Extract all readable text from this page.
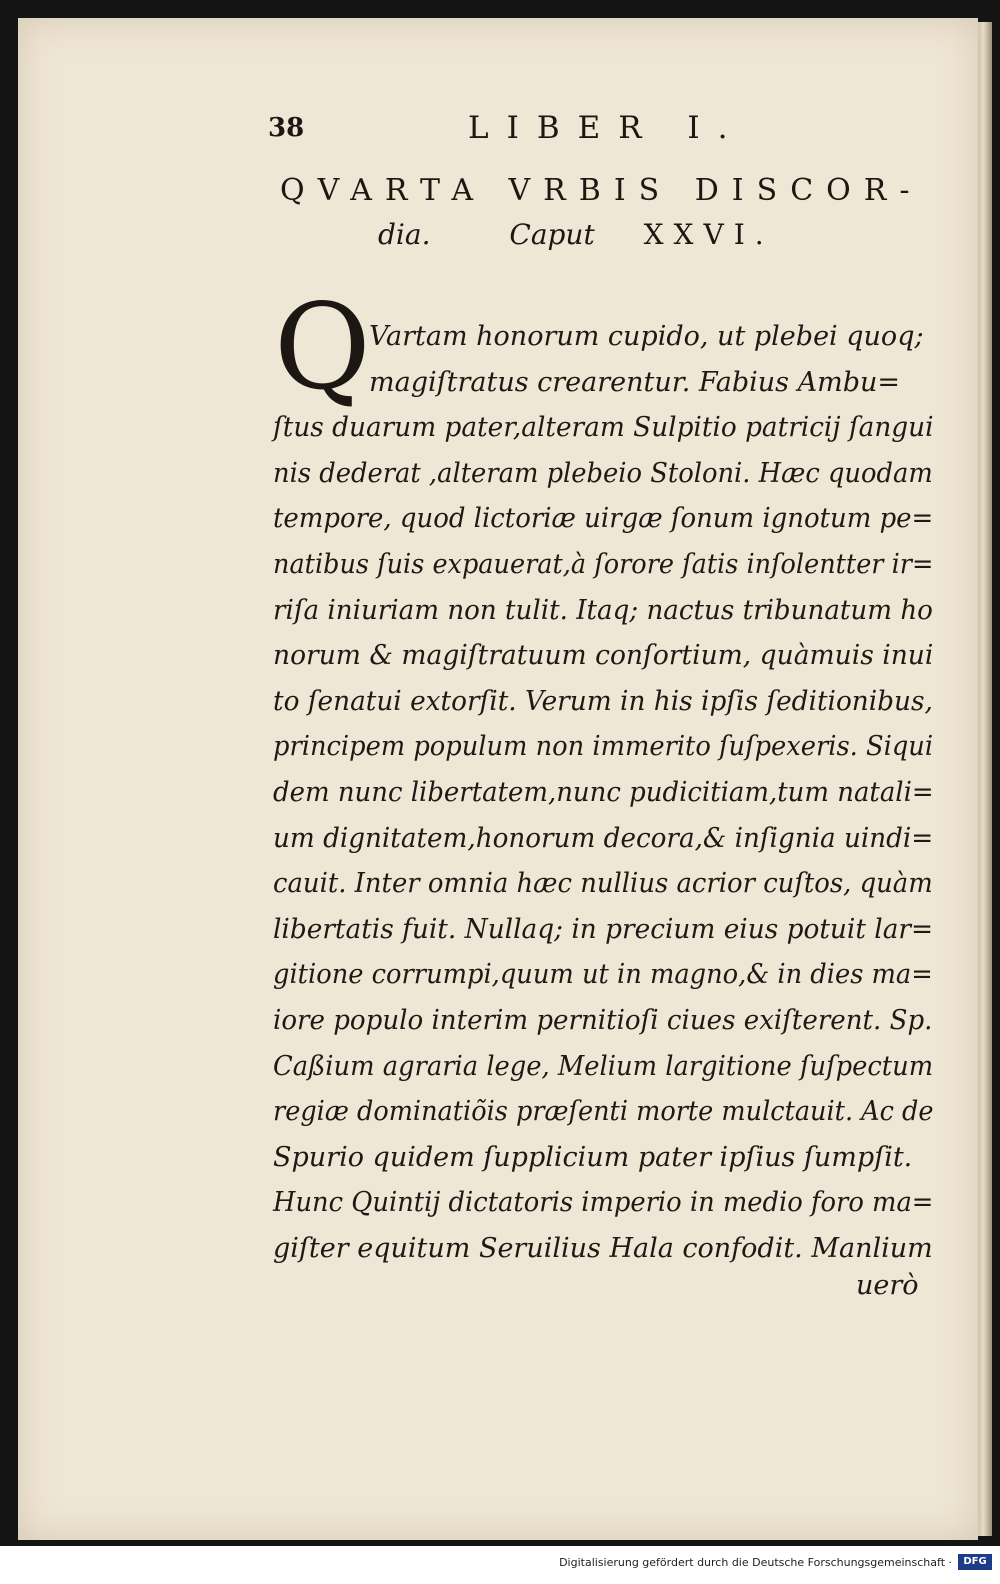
38	LIBER I.
QVARTA VRBIS DISCOR-
dia.	Caput XXVI.
Q
Vartam honorum cupido, ut plebei quoq;
magiſtratus crearentur. Fabius Ambu=
ſtus duarum pater,alteram Sulpitio patricij ſangui
nis dederat ,alteram plebeio Stoloni. Hæc quodam
tempore, quod lictoriæ uirgæ ſonum ignotum pe=
natibus ſuis expauerat,à ſorore ſatis inſolentter ir=
riſa iniuriam non tulit. Itaq; nactus tribunatum ho
norum & magiſtratuum conſortium, quàmuis inui
to ſenatui extorſit. Verum in his ipſis ſeditionibus,
principem populum non immerito ſuſpexeris. Siqui
dem nunc libertatem,nunc pudicitiam,tum natali=
um dignitatem,honorum decora,& inſignia uindi=
cauit. Inter omnia hæc nullius acrior cuſtos, quàm
libertatis fuit. Nullaq; in precium eius potuit lar=
gitione corrumpi,quum ut in magno,& in dies ma=
iore populo interim pernitioſi ciues exiſterent. Sp.
Caßium agraria lege, Melium largitione ſuſpectum
regiæ dominatiõis præſenti morte mulctauit. Ac de
Spurio quidem ſupplicium pater ipſius ſumpſit.
Hunc Quintij dictatoris imperio in medio foro ma=
giſter equitum Seruilius Hala confodit. Manlium
uerò
Digitalisierung gefördert durch die Deutsche Forschungsgemeinschaft ·	DFG
